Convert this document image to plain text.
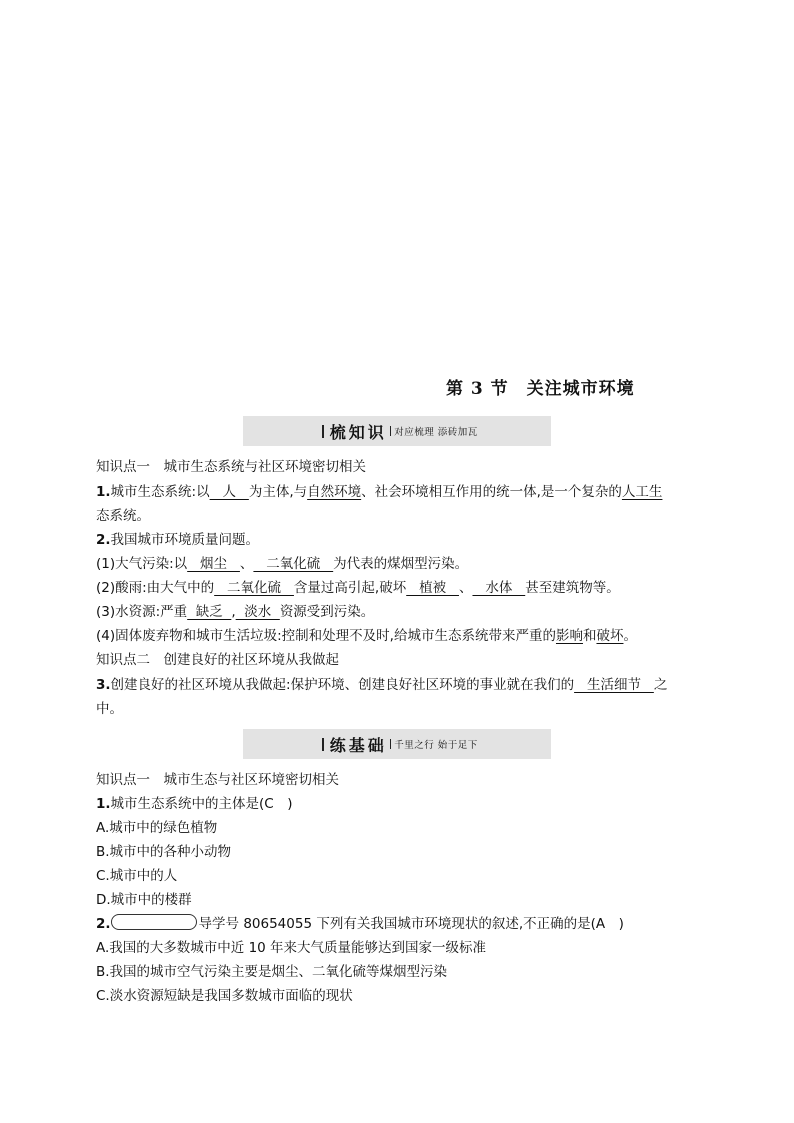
第 3 节　关注城市环境
梳知识 对应梳理 添砖加瓦
知识点一　城市生态系统与社区环境密切相关
1.城市生态系统:以   人   为主体,与自然环境、社会环境相互作用的统一体,是一个复杂的人工生
态系统。
2.我国城市环境质量问题。
(1)大气污染:以   烟尘   、   二氧化硫   为代表的煤烟型污染。
(2)酸雨:由大气中的   二氧化硫   含量过高引起,破坏   植被   、   水体   甚至建筑物等。
(3)水资源:严重  缺乏  ,  淡水  资源受到污染。
(4)固体废弃物和城市生活垃圾:控制和处理不及时,给城市生态系统带来严重的影响和破坏。
知识点二　创建良好的社区环境从我做起
3.创建良好的社区环境从我做起:保护环境、创建良好社区环境的事业就在我们的   生活细节   之
中。
练基础 千里之行 始于足下
知识点一　城市生态与社区环境密切相关
1.城市生态系统中的主体是(C　)
A.城市中的绿色植物
B.城市中的各种小动物
C.城市中的人
D.城市中的楼群
2.	导学号 80654055 下列有关我国城市环境现状的叙述,不正确的是(A　)
A.我国的大多数城市中近 10 年来大气质量能够达到国家一级标准
B.我国的城市空气污染主要是烟尘、二氧化硫等煤烟型污染
C.淡水资源短缺是我国多数城市面临的现状
